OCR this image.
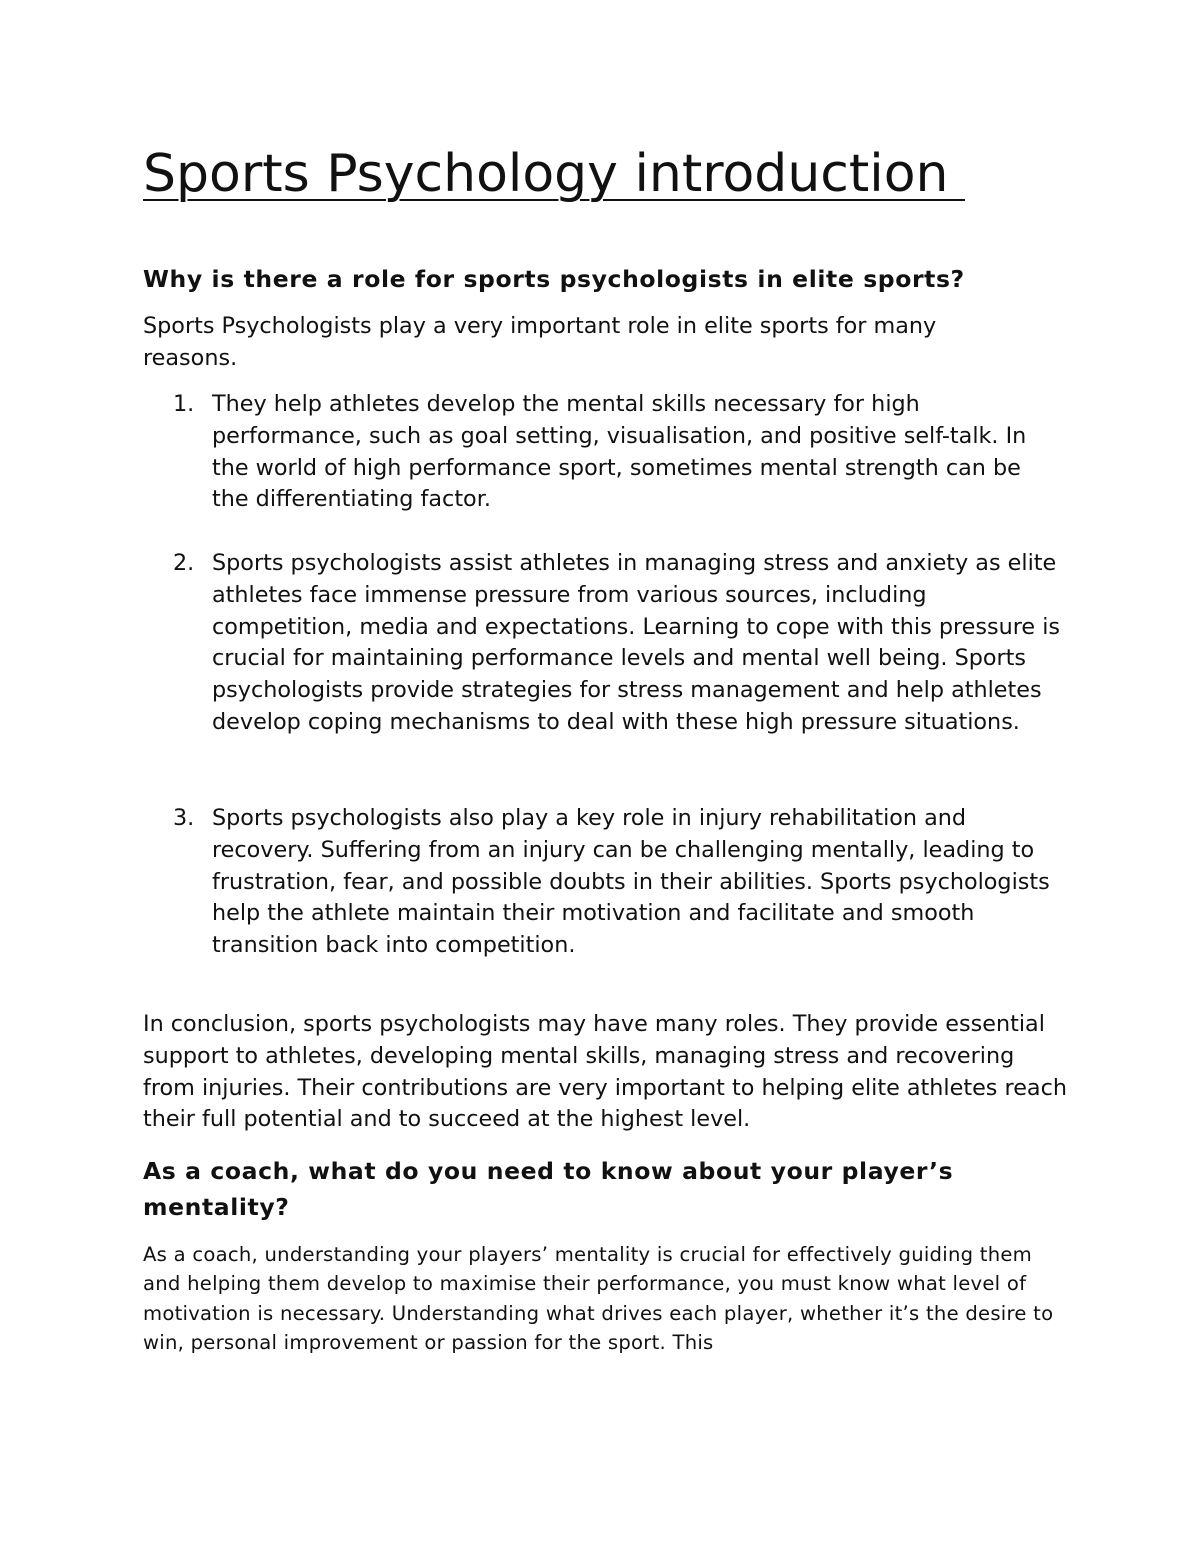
Sports Psychology introduction
Why is there a role for sports psychologists in elite sports?

Sports Psychologists play a very important role in elite sports for many reasons.

1. They help athletes develop the mental skills necessary for high performance, such as goal setting, visualisation, and positive self-talk. In the world of high performance sport, sometimes mental strength can be the differentiating factor.

2. Sports psychologists assist athletes in managing stress and anxiety as elite athletes face immense pressure from various sources, including competition, media and expectations. Learning to cope with this pressure is crucial for maintaining performance levels and mental well being. Sports psychologists provide strategies for stress management and help athletes develop coping mechanisms to deal with these high pressure situations.

3. Sports psychologists also play a key role in injury rehabilitation and recovery. Suffering from an injury can be challenging mentally, leading to frustration, fear, and possible doubts in their abilities. Sports psychologists help the athlete maintain their motivation and facilitate and smooth transition back into competition.

In conclusion, sports psychologists may have many roles. They provide essential support to athletes, developing mental skills, managing stress and recovering from injuries. Their contributions are very important to helping elite athletes reach their full potential and to succeed at the highest level.

As a coach, what do you need to know about your player’s mentality?

As a coach, understanding your players’ mentality is crucial for effectively guiding them and helping them develop to maximise their performance, you must know what level of motivation is necessary. Understanding what drives each player, whether it’s the desire to win, personal improvement or passion for the sport. This
